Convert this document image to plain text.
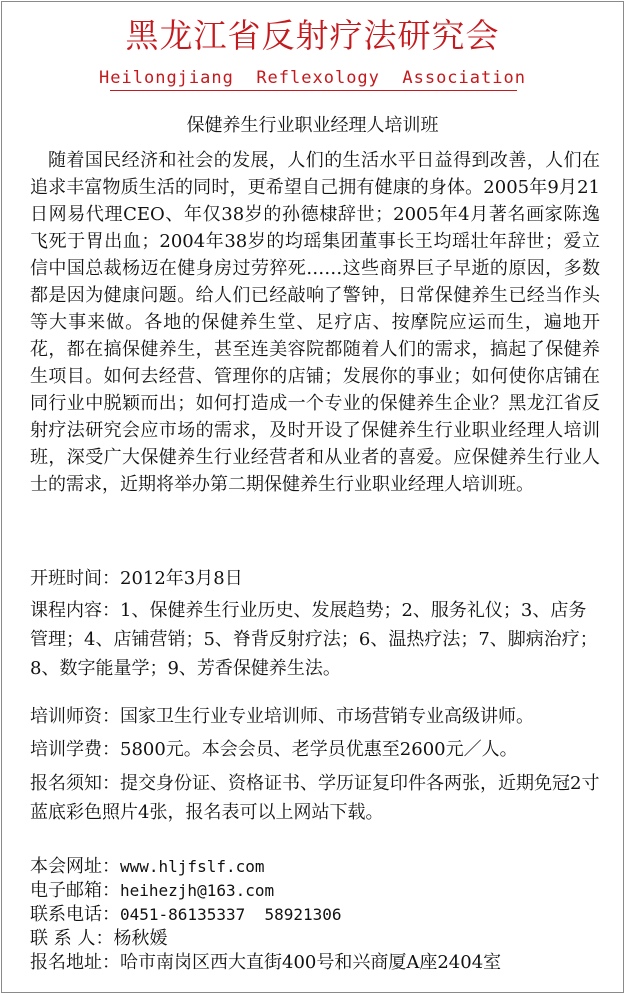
黑龙江省反射疗法研究会
Heilongjiang  Reflexology  Association
保健养生行业职业经理人培训班
随着国民经济和社会的发展，人们的生活水平日益得到改善，人们在追求丰富物质生活的同时，更希望自己拥有健康的身体。2005年9月21日网易代理CEO、年仅38岁的孙德棣辞世；2005年4月著名画家陈逸飞死于胃出血；2004年38岁的均瑶集团董事长王均瑶壮年辞世；爱立信中国总裁杨迈在健身房过劳猝死……这些商界巨子早逝的原因，多数都是因为健康问题。给人们已经敲响了警钟，日常保健养生已经当作头等大事来做。各地的保健养生堂、足疗店、按摩院应运而生，遍地开花，都在搞保健养生，甚至连美容院都随着人们的需求，搞起了保健养生项目。如何去经营、管理你的店铺；发展你的事业；如何使你店铺在同行业中脱颖而出；如何打造成一个专业的保健养生企业？黑龙江省反射疗法研究会应市场的需求，及时开设了保健养生行业职业经理人培训班，深受广大保健养生行业经营者和从业者的喜爱。应保健养生行业人士的需求，近期将举办第二期保健养生行业职业经理人培训班。
开班时间：2012年3月8日
课程内容：1、保健养生行业历史、发展趋势；2、服务礼仪；3、店务管理；4、店铺营销；5、脊背反射疗法；6、温热疗法；7、脚病治疗；8、数字能量学；9、芳香保健养生法。
培训师资：国家卫生行业专业培训师、市场营销专业高级讲师。
培训学费：5800元。本会会员、老学员优惠至2600元／人。
报名须知：提交身份证、资格证书、学历证复印件各两张，近期免冠2寸蓝底彩色照片4张，报名表可以上网站下载。
本会网址：www.hljfslf.com
电子邮箱：heihezjh@163.com
联系电话：0451-86135337  58921306
联 系 人：杨秋媛
报名地址：哈市南岗区西大直街400号和兴商厦A座2404室
